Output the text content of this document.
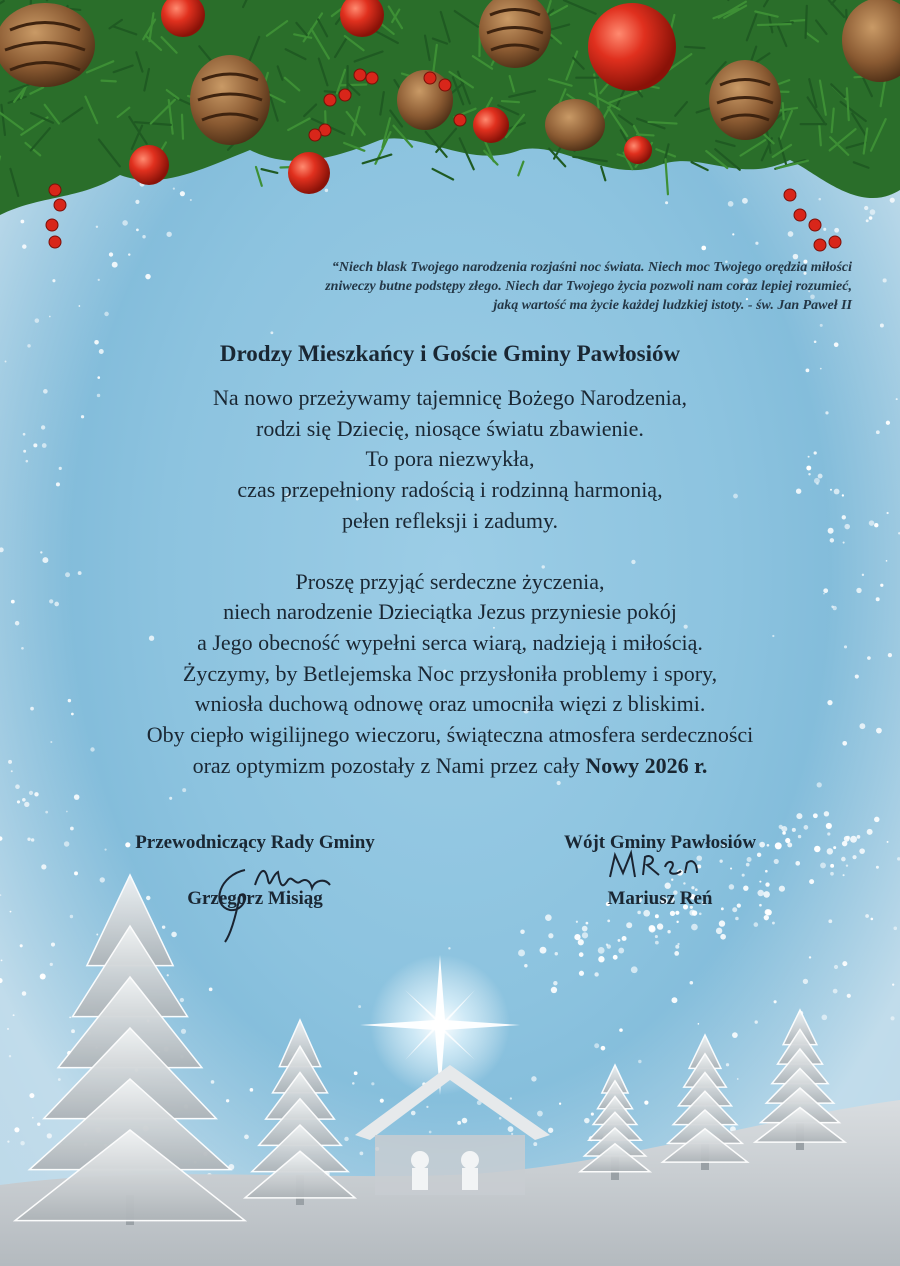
“Niech blask Twojego narodzenia rozjaśni noc świata. Niech moc Twojego orędzia miłości
zniweczy butne podstępy złego. Niech dar Twojego życia pozwoli nam coraz lepiej rozumieć,
jaką wartość ma życie każdej ludzkiej istoty. - św. Jan Paweł II
Drodzy Mieszkańcy i Goście Gminy Pawłosiów
Na nowo przeżywamy tajemnicę Bożego Narodzenia,
rodzi się Dziecię, niosące światu zbawienie.
To pora niezwykła,
czas przepełniony radością i rodzinną harmonią,
pełen refleksji i zadumy.
Proszę przyjąć serdeczne życzenia,
niech narodzenie Dzieciątka Jezus przyniesie pokój
a Jego obecność wypełni serca wiarą, nadzieją i miłością.
Życzymy, by Betlejemska Noc przysłoniła problemy i spory,
wniosła duchową odnowę oraz umocniła więzi z bliskimi.
Oby ciepło wigilijnego wieczoru, świąteczna atmosfera serdeczności
oraz optymizm pozostały z Nami przez cały Nowy 2026 r.
Przewodniczący Rady Gminy
Grzegorz Misiąg
Wójt Gminy Pawłosiów
Mariusz Reń
